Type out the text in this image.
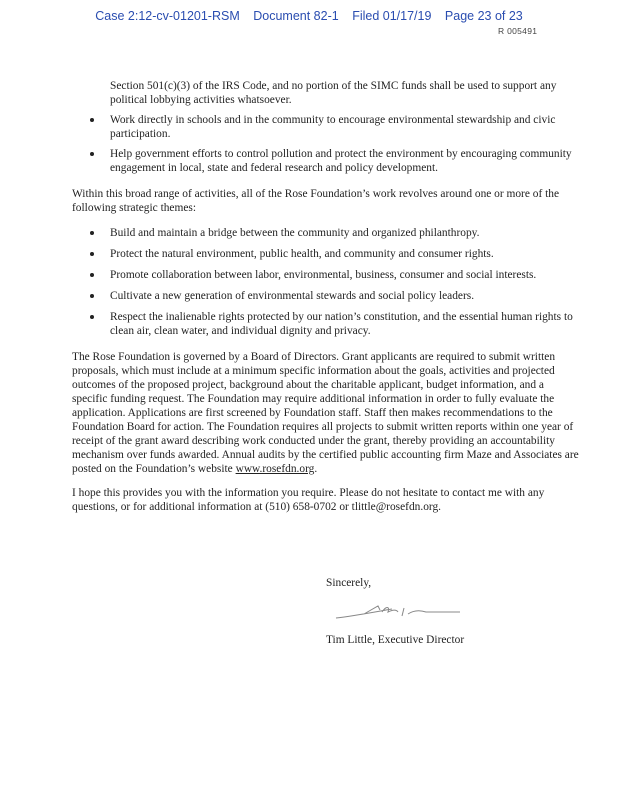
Case 2:12-cv-01201-RSM Document 82-1 Filed 01/17/19 Page 23 of 23
R 005491

Section 501(c)(3) of the IRS Code, and no portion of the SIMC funds shall be used to support any political lobbying activities whatsoever.

Work directly in schools and in the community to encourage environmental stewardship and civic participation.
Help government efforts to control pollution and protect the environment by encouraging community engagement in local, state and federal research and policy development.

Within this broad range of activities, all of the Rose Foundation’s work revolves around one or more of the following strategic themes:

Build and maintain a bridge between the community and organized philanthropy.
Protect the natural environment, public health, and community and consumer rights.
Promote collaboration between labor, environmental, business, consumer and social interests.
Cultivate a new generation of environmental stewards and social policy leaders.
Respect the inalienable rights protected by our nation’s constitution, and the essential human rights to clean air, clean water, and individual dignity and privacy.

The Rose Foundation is governed by a Board of Directors. Grant applicants are required to submit written proposals, which must include at a minimum specific information about the goals, activities and projected outcomes of the proposed project, background about the charitable applicant, budget information, and a specific funding request. The Foundation may require additional information in order to fully evaluate the application. Applications are first screened by Foundation staff. Staff then makes recommendations to the Foundation Board for action. The Foundation requires all projects to submit written reports within one year of receipt of the grant award describing work conducted under the grant, thereby providing an accountability mechanism over funds awarded. Annual audits by the certified public accounting firm Maze and Associates are posted on the Foundation’s website www.rosefdn.org.

I hope this provides you with the information you require. Please do not hesitate to contact me with any questions, or for additional information at (510) 658-0702 or tlittle@rosefdn.org.

Sincerely,
Tim Little, Executive Director
